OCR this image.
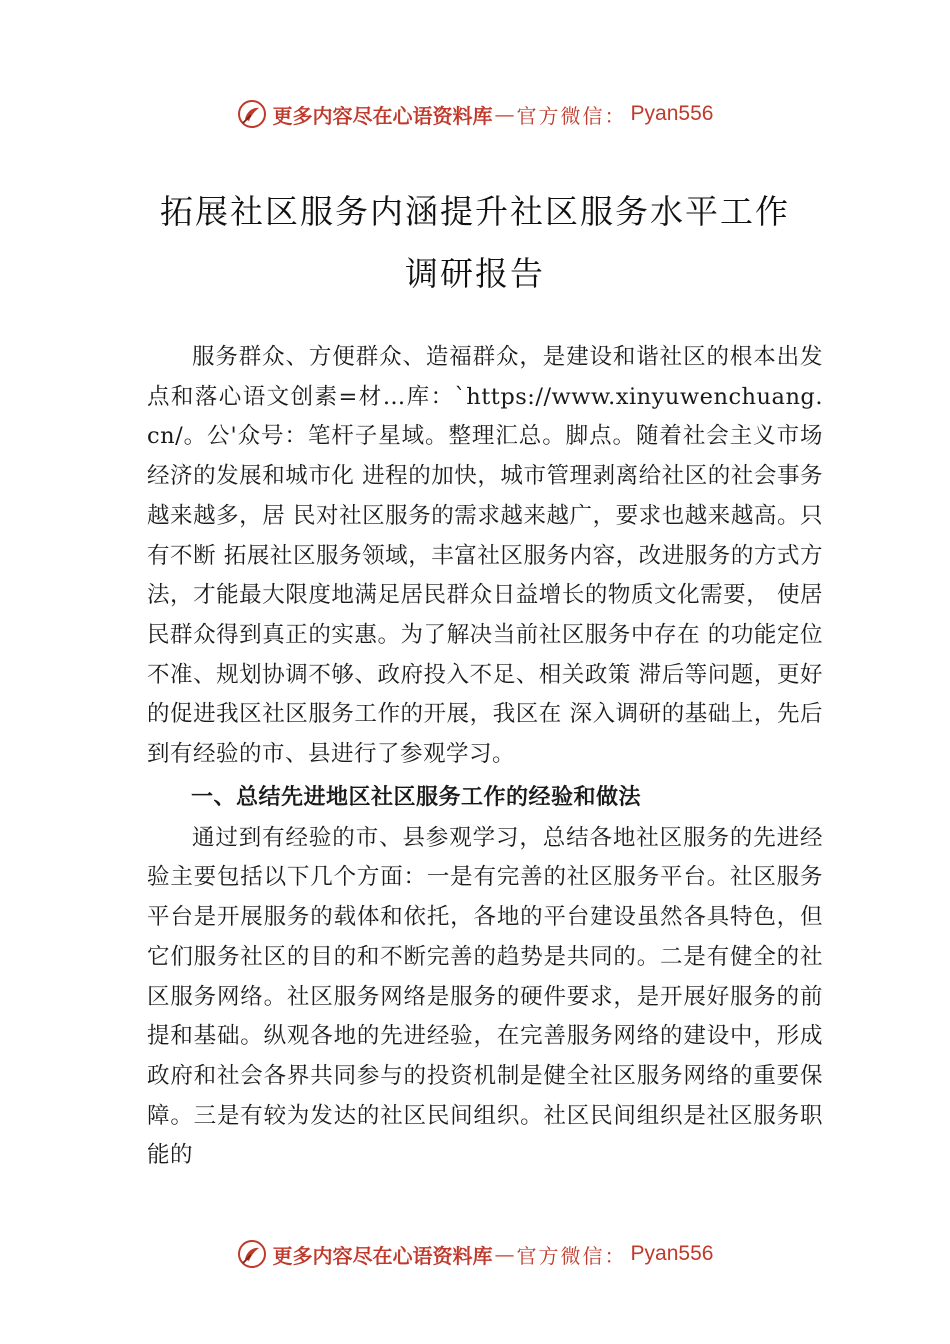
更多内容尽在心语资料库 — 官方微信： Pyan556
拓展社区服务内涵提升社区服务水平工作
调研报告

服务群众、方便群众、造福群众，是建设和谐社区的根本出发点和落心语文创素=材…库：`https://www.xinyuwenchuang.cn/。公'众号：笔杆子星域。整理汇总。脚点。随着社会主义市场经济的发展和城市化 进程的加快，城市管理剥离给社区的社会事务越来越多，居 民对社区服务的需求越来越广，要求也越来越高。只有不断 拓展社区服务领域，丰富社区服务内容，改进服务的方式方 法，才能最大限度地满足居民群众日益增长的物质文化需要， 使居民群众得到真正的实惠。为了解决当前社区服务中存在 的功能定位不准、规划协调不够、政府投入不足、相关政策 滞后等问题，更好的促进我区社区服务工作的开展，我区在 深入调研的基础上，先后到有经验的市、县进行了参观学习。

一、总结先进地区社区服务工作的经验和做法

通过到有经验的市、县参观学习，总结各地社区服务的先进经验主要包括以下几个方面：一是有完善的社区服务平台。社区服务平台是开展服务的载体和依托，各地的平台建设虽然各具特色，但它们服务社区的目的和不断完善的趋势是共同的。二是有健全的社区服务网络。社区服务网络是服务的硬件要求，是开展好服务的前提和基础。纵观各地的先进经验，在完善服务网络的建设中，形成政府和社会各界共同参与的投资机制是健全社区服务网络的重要保障。三是有较为发达的社区民间组织。社区民间组织是社区服务职能的

更多内容尽在心语资料库 — 官方微信： Pyan556
